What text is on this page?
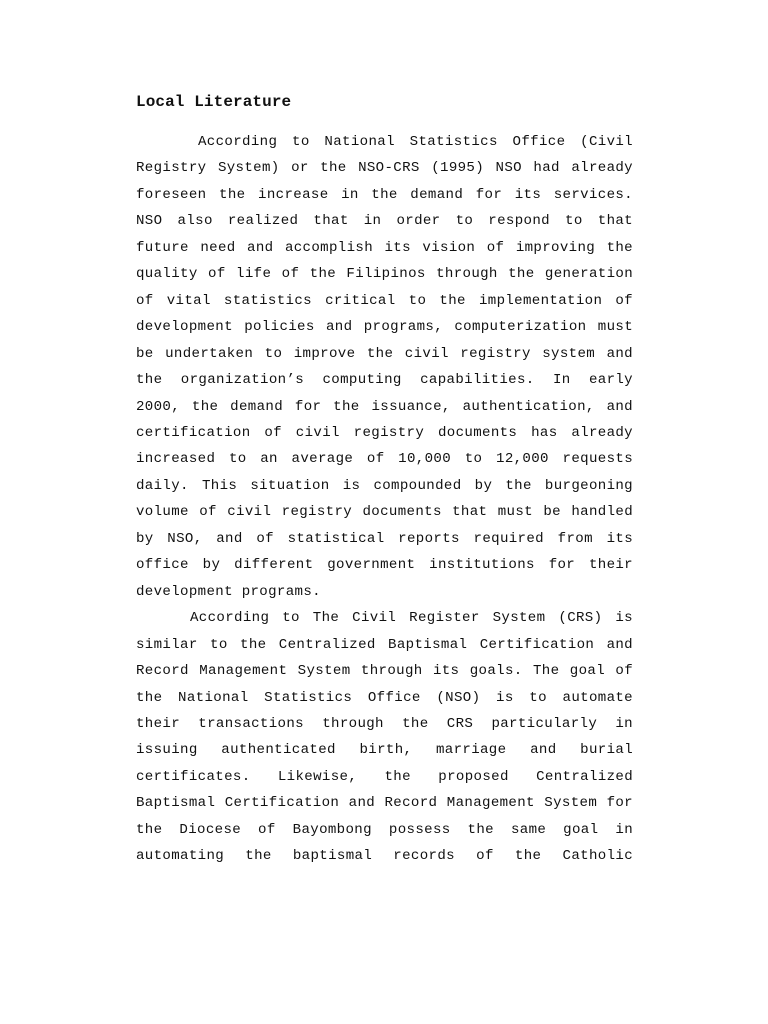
Local Literature

According to National Statistics Office (Civil Registry System) or the NSO-CRS (1995) NSO had already foreseen the increase in the demand for its services. NSO also realized that in order to respond to that future need and accomplish its vision of improving the quality of life of the Filipinos through the generation of vital statistics critical to the implementation of development policies and programs, computerization must be undertaken to improve the civil registry system and the organization’s computing capabilities. In early 2000, the demand for the issuance, authentication, and certification of civil registry documents has already increased to an average of 10,000 to 12,000 requests daily. This situation is compounded by the burgeoning volume of civil registry documents that must be handled by NSO, and of statistical reports required from its office by different government institutions for their development programs.

According to The Civil Register System (CRS) is similar to the Centralized Baptismal Certification and Record Management System through its goals. The goal of the National Statistics Office (NSO) is to automate their transactions through the CRS particularly in issuing authenticated birth, marriage and burial certificates. Likewise, the proposed Centralized Baptismal Certification and Record Management System for the Diocese of Bayombong possess the same goal in automating the baptismal records of the Catholic
